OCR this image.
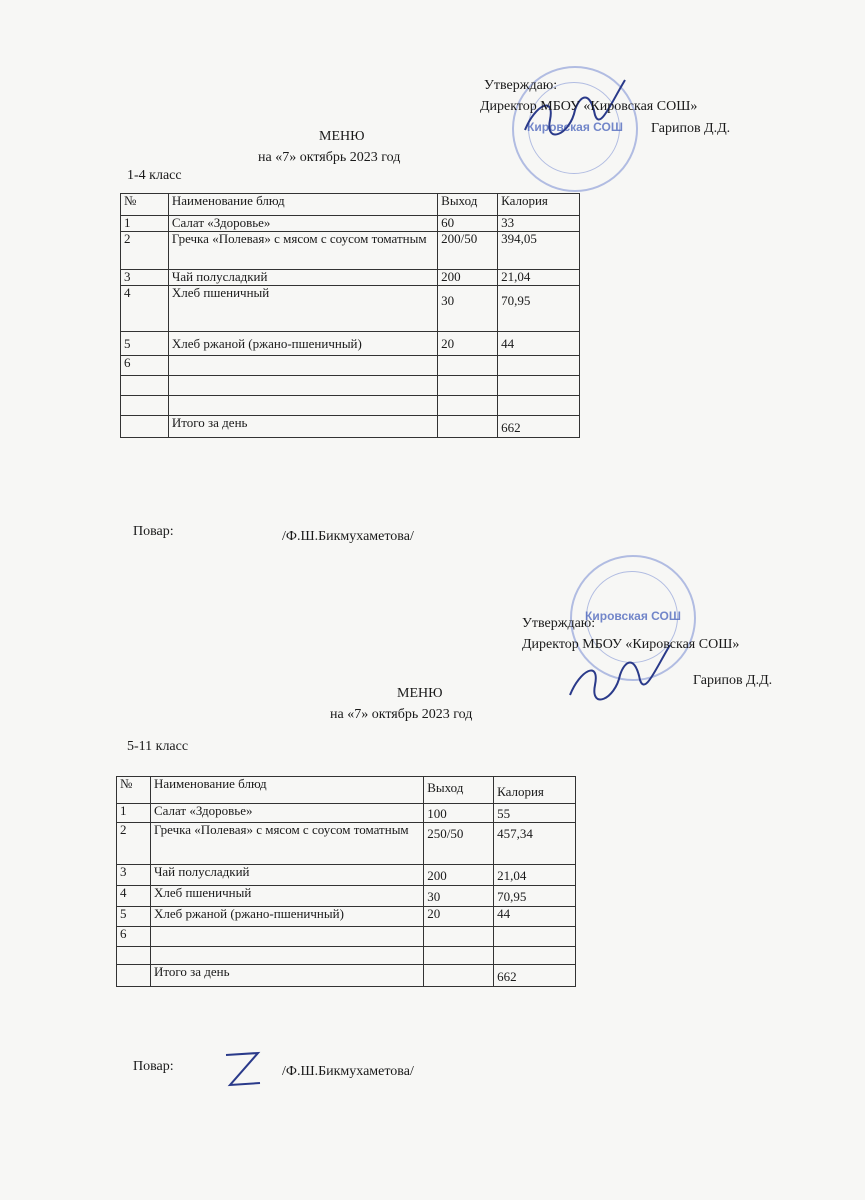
Кировская СОШ
Утверждаю:
Директор МБОУ «Кировская СОШ»
Гарипов Д.Д.
МЕНЮ
на «7» октябрь 2023 год
1-4 класс
№	Наименование блюд	Выход	Калория
1	Салат «Здоровье»	60	33
2	Гречка «Полевая» с мясом с соусом томатным	200/50	394,05
3	Чай полусладкий	200	21,04
4	Хлеб пшеничный	30	70,95
5	Хлеб ржаной (ржано-пшеничный)	20	44
6			

	Итого за день		662
Повар:	/Ф.Ш.Бикмухаметова/
Кировская СОШ
Утверждаю:
Директор МБОУ «Кировская СОШ»
Гарипов Д.Д.
МЕНЮ
на «7» октябрь 2023 год
5-11 класс
№	Наименование блюд	Выход	Калория
1	Салат «Здоровье»	100	55
2	Гречка «Полевая» с мясом с соусом томатным	250/50	457,34
3	Чай полусладкий	200	21,04
4	Хлеб пшеничный	30	70,95
5	Хлеб ржаной (ржано-пшеничный)	20	44
6			

	Итого за день		662
Повар:	/Ф.Ш.Бикмухаметова/
